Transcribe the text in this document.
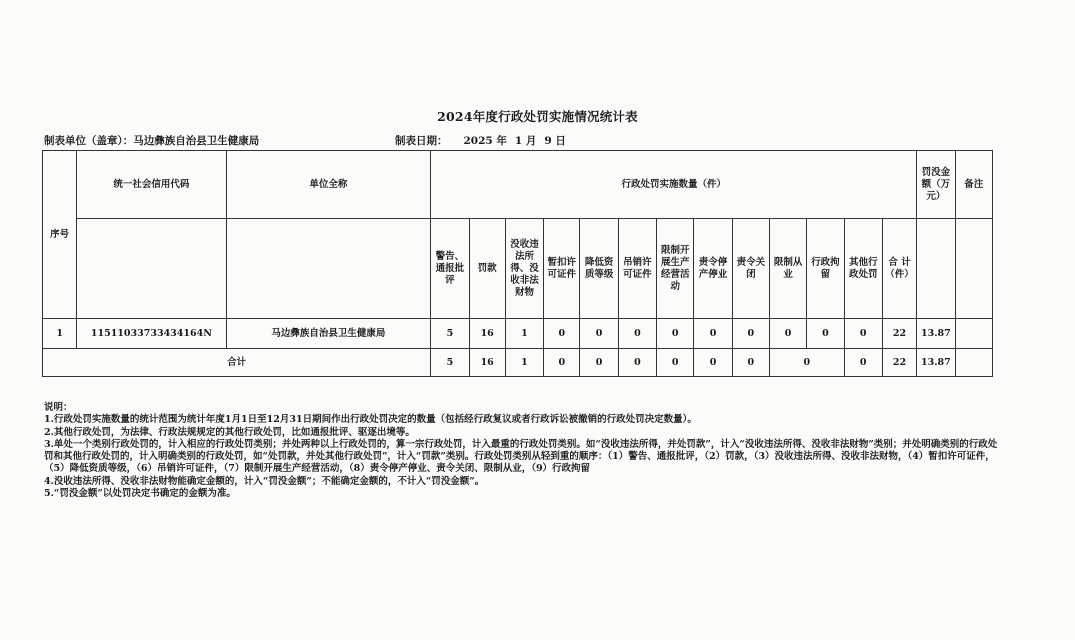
2024年度行政处罚实施情况统计表
制表单位（盖章）：马边彝族自治县卫生健康局	制表日期： 2025 年 1 月 9 日
序号	统一社会信用代码	单位全称	行政处罚实施数量（件）													罚没金额（万元）	备注
			警告、通报批评	罚款	没收违法所得、没收非法财物	暂扣许可证件	降低资质等级	吊销许可证件	限制开展生产经营活动	责令停产停业	责令关闭	限制从业	行政拘留	其他行政处罚	合 计（件）		
1	11511033733434164N	马边彝族自治县卫生健康局	5	16	1	0	0	0	0	0	0	0	0	0	22	13.87	
合计			5	16	1	0	0	0	0	0	0	0		0	22	13.87	
说明：
1.行政处罚实施数量的统计范围为统计年度1月1日至12月31日期间作出行政处罚决定的数量（包括经行政复议或者行政诉讼被撤销的行政处罚决定数量）。
2.其他行政处罚，为法律、行政法规规定的其他行政处罚，比如通报批评、驱逐出境等。
3.单处一个类别行政处罚的，计入相应的行政处罚类别；并处两种以上行政处罚的，算一宗行政处罚，计入最重的行政处罚类别。如“没收违法所得，并处罚款”，计入“没收违法所得、没收非法财物”类别；并处明确类别的行政处罚和其他行政处罚的，计入明确类别的行政处罚，如“处罚款，并处其他行政处罚”，计入“罚款”类别。行政处罚类别从轻到重的顺序：（1）警告、通报批评，（2）罚款，（3）没收违法所得、没收非法财物，（4）暂扣许可证件，（5）降低资质等级，（6）吊销许可证件，（7）限制开展生产经营活动，（8）责令停产停业、责令关闭、限制从业，（9）行政拘留
4.没收违法所得、没收非法财物能确定金额的，计入“罚没金额”；不能确定金额的，不计入“罚没金额”。
5.“罚没金额”以处罚决定书确定的金额为准。
